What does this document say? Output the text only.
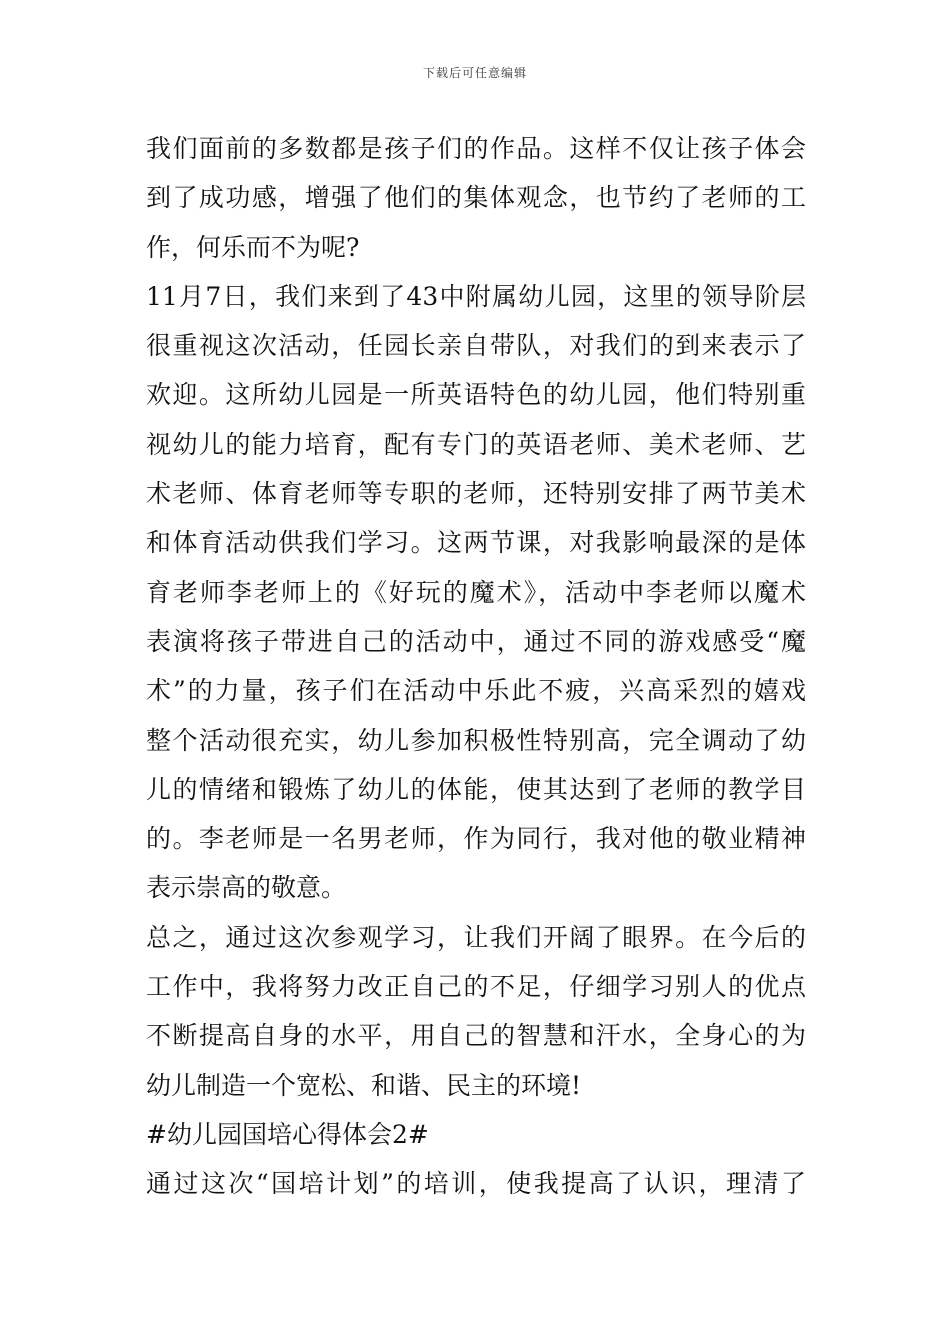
下载后可任意编辑
我们面前的多数都是孩子们的作品。这样不仅让孩子体会
到了成功感，增强了他们的集体观念，也节约了老师的工
作，何乐而不为呢?
11月7日，我们来到了43中附属幼儿园，这里的领导阶层
很重视这次活动，任园长亲自带队，对我们的到来表示了
欢迎。这所幼儿园是一所英语特色的幼儿园，他们特别重
视幼儿的能力培育，配有专门的英语老师、美术老师、艺
术老师、体育老师等专职的老师，还特别安排了两节美术
和体育活动供我们学习。这两节课，对我影响最深的是体
育老师李老师上的《好玩的魔术》，活动中李老师以魔术
表演将孩子带进自己的活动中，通过不同的游戏感受“魔
术”的力量，孩子们在活动中乐此不疲，兴高采烈的嬉戏
整个活动很充实，幼儿参加积极性特别高，完全调动了幼
儿的情绪和锻炼了幼儿的体能，使其达到了老师的教学目
的。李老师是一名男老师，作为同行，我对他的敬业精神
表示崇高的敬意。
总之，通过这次参观学习，让我们开阔了眼界。在今后的
工作中，我将努力改正自己的不足，仔细学习别人的优点
不断提高自身的水平，用自己的智慧和汗水，全身心的为
幼儿制造一个宽松、和谐、民主的环境!
#幼儿园国培心得体会2#
通过这次“国培计划”的培训，使我提高了认识，理清了
